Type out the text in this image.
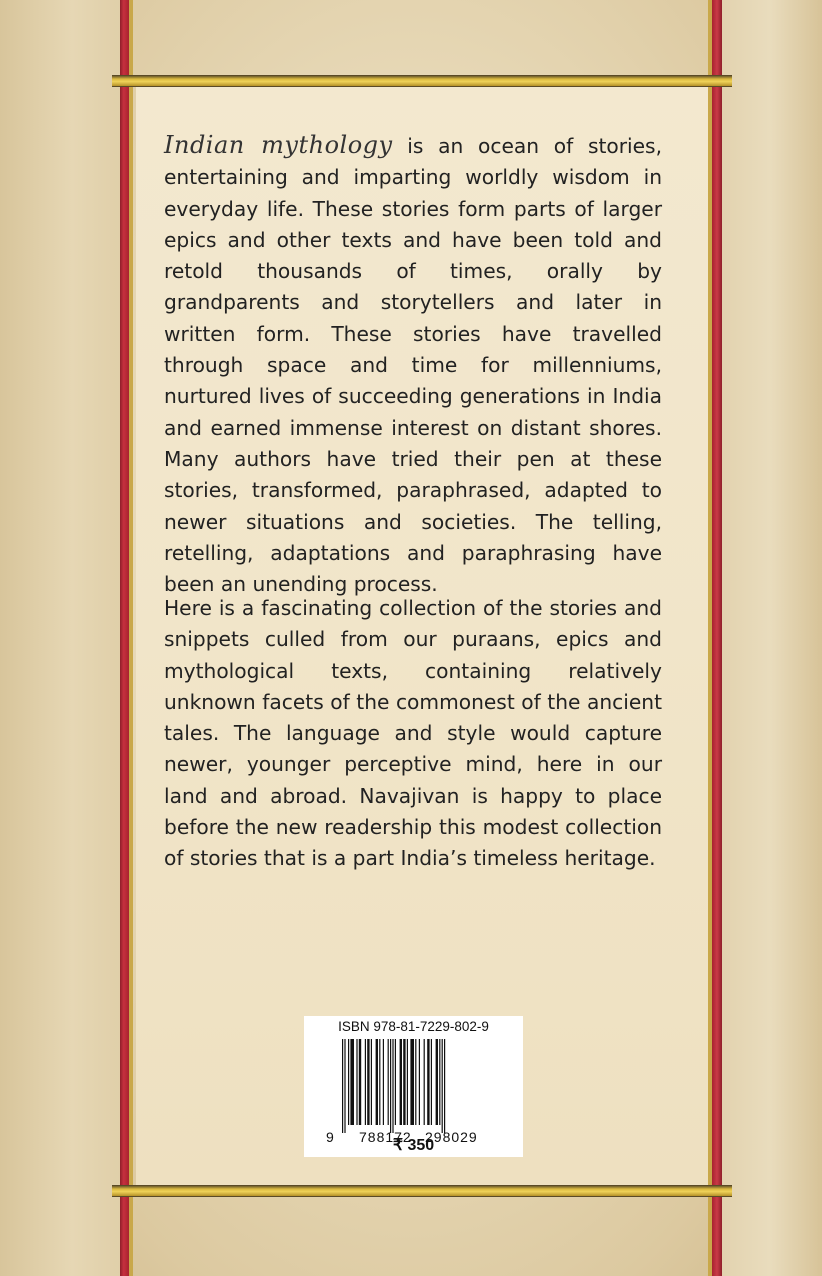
Indian mythology is an ocean of stories, entertaining and imparting worldly wisdom in everyday life. These stories form parts of larger epics and other texts and have been told and retold thousands of times, orally by grandparents and storytellers and later in written form. These stories have travelled through space and time for millenniums, nurtured lives of succeeding generations in India and earned immense interest on distant shores. Many authors have tried their pen at these stories, transformed, paraphrased, adapted to newer situations and societies. The telling, retelling, adaptations and paraphrasing have been an unending process.

Here is a fascinating collection of the stories and snippets culled from our puraans, epics and mythological texts, containing relatively unknown facets of the commonest of the ancient tales. The language and style would capture newer, younger perceptive mind, here in our land and abroad. Navajivan is happy to place before the new readership this modest collection of stories that is a part India’s timeless heritage.

ISBN 978-81-7229-802-9
9 788172 298029
₹ 350
